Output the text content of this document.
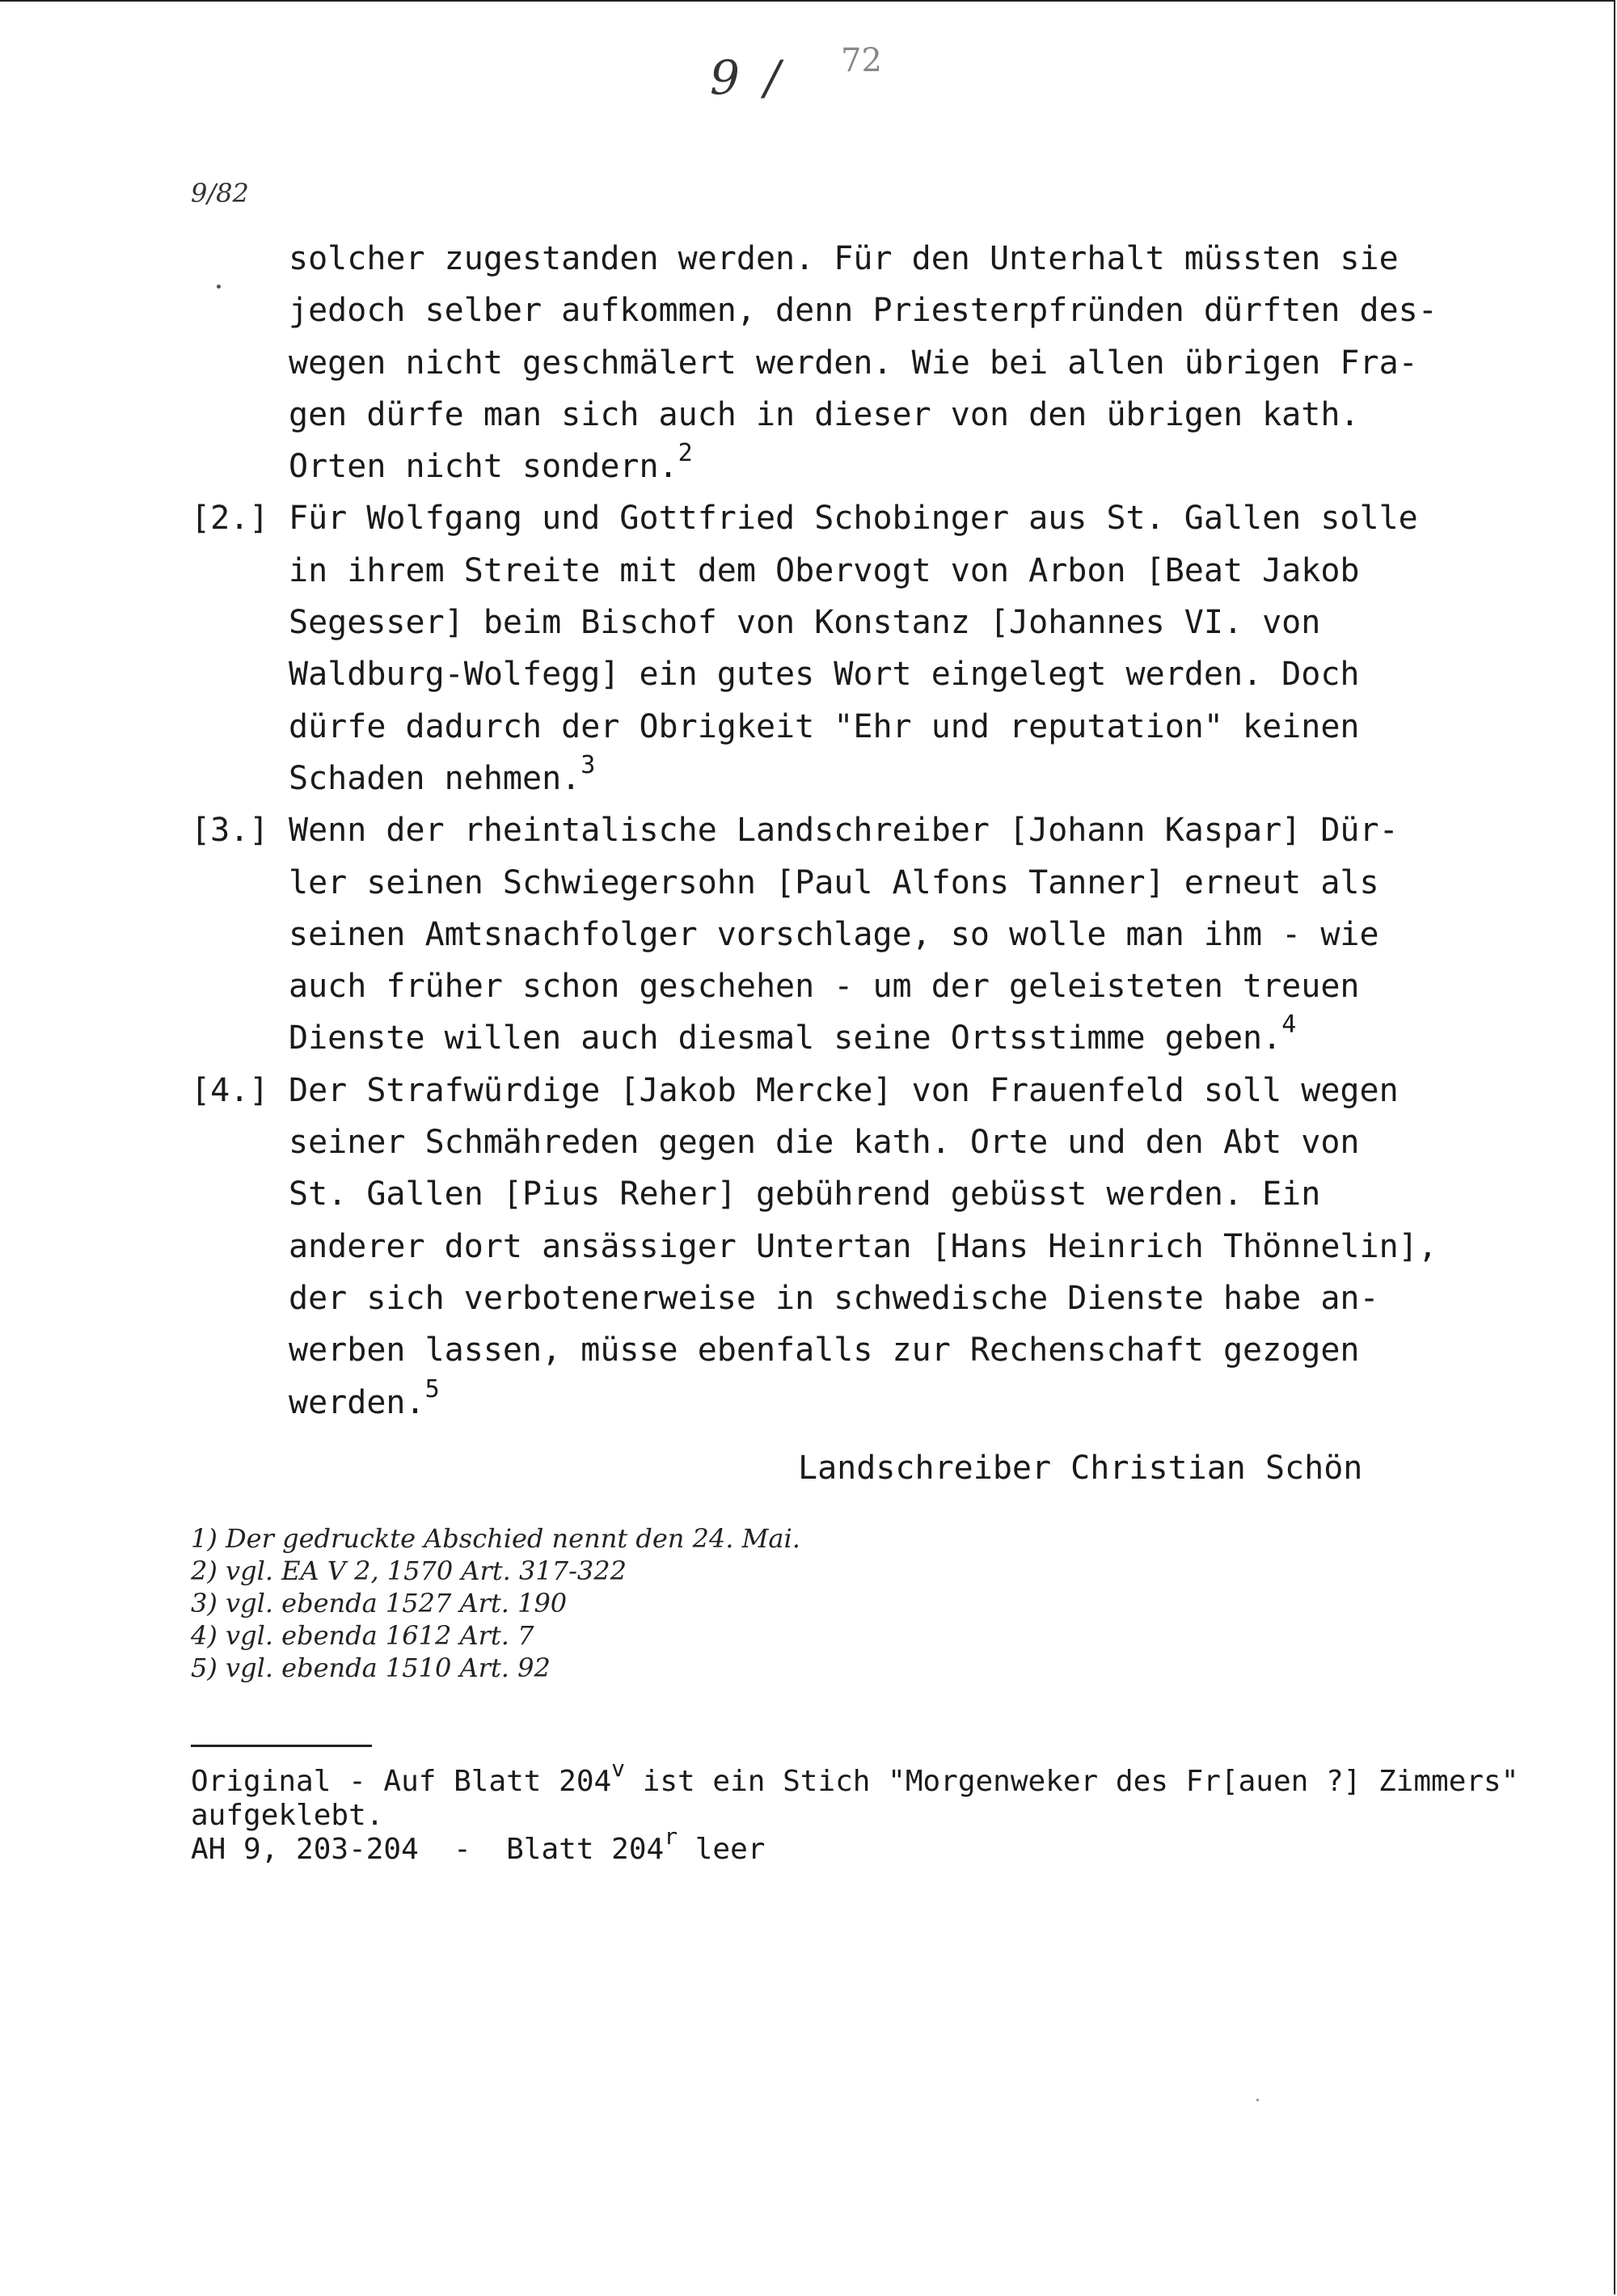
9 / 72
9/82
solcher zugestanden werden. Für den Unterhalt müssten sie
jedoch selber aufkommen, denn Priesterpfründen dürften des-
wegen nicht geschmälert werden. Wie bei allen übrigen Fra-
gen dürfe man sich auch in dieser von den übrigen kath.
Orten nicht sondern.$^2$
[2.] Für Wolfgang und Gottfried Schobinger aus St. Gallen solle
in ihrem Streite mit dem Obervogt von Arbon [Beat Jakob
Segesser] beim Bischof von Konstanz [Johannes VI. von
Waldburg-Wolfegg] ein gutes Wort eingelegt werden. Doch
dürfe dadurch der Obrigkeit "Ehr und reputation" keinen
Schaden nehmen.$^3$
[3.] Wenn der rheintalische Landschreiber [Johann Kaspar] Dür-
ler seinen Schwiegersohn [Paul Alfons Tanner] erneut als
seinen Amtsnachfolger vorschlage, so wolle man ihm - wie
auch früher schon geschehen - um der geleisteten treuen
Dienste willen auch diesmal seine Ortsstimme geben.$^4$
[4.] Der Strafwürdige [Jakob Mercke] von Frauenfeld soll wegen
seiner Schmähreden gegen die kath. Orte und den Abt von
St. Gallen [Pius Reher] gebührend gebüsst werden. Ein
anderer dort ansässiger Untertan [Hans Heinrich Thönnelin],
der sich verbotenerweise in schwedische Dienste habe an-
werben lassen, müsse ebenfalls zur Rechenschaft gezogen
werden.$^5$
Landschreiber Christian Schön
1) Der gedruckte Abschied nennt den 24. Mai.
2) vgl. EA V 2, 1570 Art. 317-322
3) vgl. ebenda 1527 Art. 190
4) vgl. ebenda 1612 Art. 7
5) vgl. ebenda 1510 Art. 92
Original - Auf Blatt 204$^v$ ist ein Stich "Morgenweker des Fr[auen ?] Zimmers"
aufgeklebt.
AH 9, 203-204  -  Blatt 204$^r$ leer
